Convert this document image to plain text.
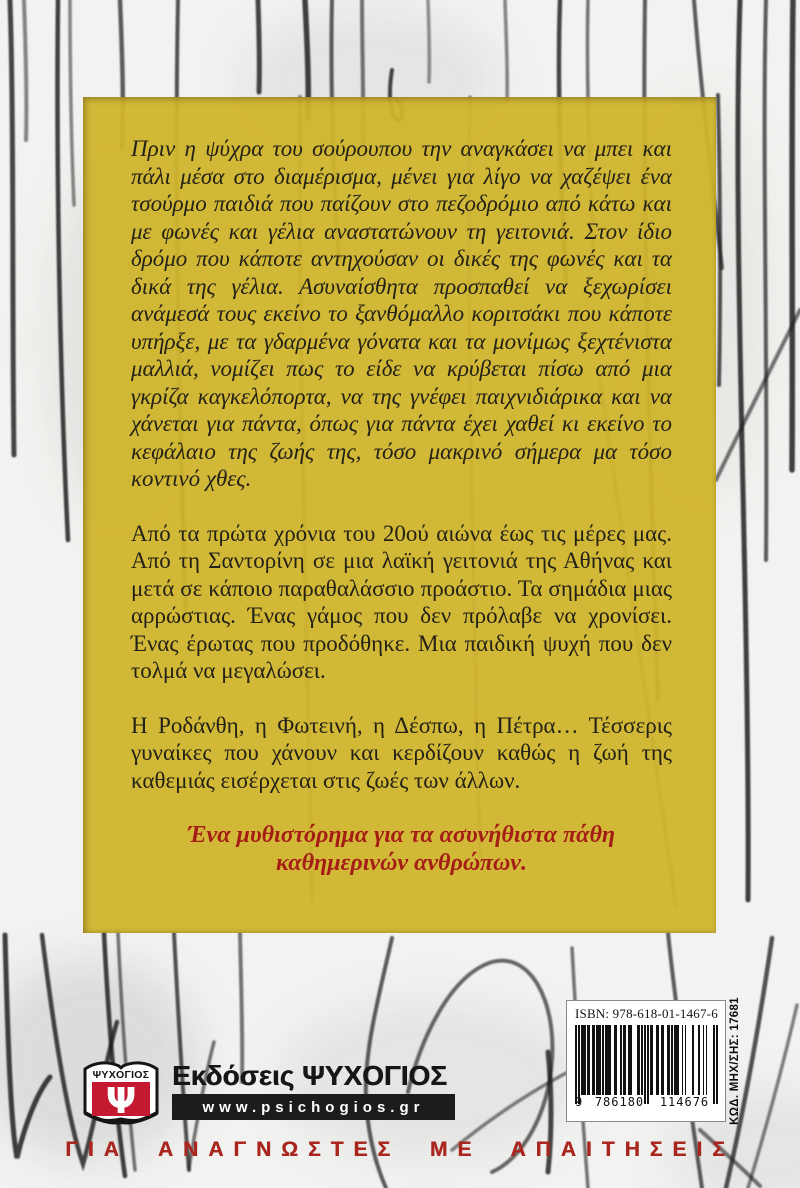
Πριν η ψύχρα του σούρουπου την αναγκάσει να μπει και πάλι μέσα στο διαμέρισμα, μένει για λίγο να χαζέψει ένα τσούρμο παιδιά που παίζουν στο πεζοδρόμιο από κάτω και με φωνές και γέλια αναστατώνουν τη γειτονιά. Στον ίδιο δρόμο που κάποτε αντηχούσαν οι δικές της φωνές και τα δικά της γέλια. Ασυναίσθητα προσπαθεί να ξεχωρίσει ανάμεσά τους εκείνο το ξανθόμαλλο κοριτσάκι που κάποτε υπήρξε, με τα γδαρμένα γόνατα και τα μονίμως ξεχτένιστα μαλλιά, νομίζει πως το είδε να κρύβεται πίσω από μια γκρίζα καγκελόπορτα, να της γνέφει παιχνιδιάρικα και να χάνεται για πάντα, όπως για πάντα έχει χαθεί κι εκείνο το κεφάλαιο της ζωής της, τόσο μακρινό σήμερα μα τόσο κοντινό χθες.

Από τα πρώτα χρόνια του 20ού αιώνα έως τις μέρες μας. Από τη Σαντορίνη σε μια λαϊκή γειτονιά της Αθήνας και μετά σε κάποιο παραθαλάσσιο προάστιο. Τα σημάδια μιας αρρώστιας. Ένας γάμος που δεν πρόλαβε να χρονίσει. Ένας έρωτας που προδόθηκε. Μια παιδική ψυχή που δεν τολμά να μεγαλώσει.

Η Ροδάνθη, η Φωτεινή, η Δέσπω, η Πέτρα… Τέσσερις γυναίκες που χάνουν και κερδίζουν καθώς η ζωή της καθεμιάς εισέρχεται στις ζωές των άλλων.

Ένα μυθιστόρημα για τα ασυνήθιστα πάθη καθημερινών ανθρώπων.
ΨΥΧΟΓΙΟΣ
Ψ
Εκδόσεις ΨΥΧΟΓΙΟΣ
www.psichogios.gr
ISBN: 978-618-01-1467-6
9	786180	114676	ΚΩΔ. ΜΗΧ/ΣΗΣ: 17681
ΓΙΑ ΑΝΑΓΝΩΣΤΕΣ ΜΕ ΑΠΑΙΤΗΣΕΙΣ
